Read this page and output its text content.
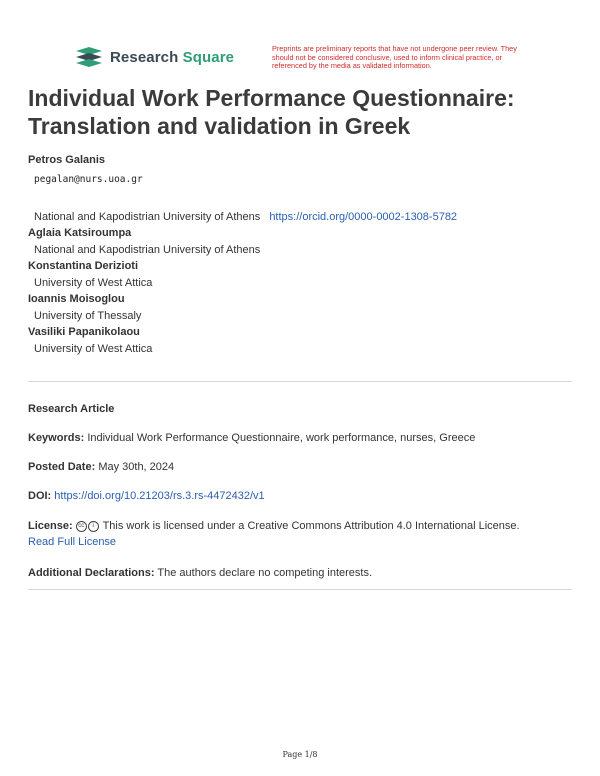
Research Square	Preprints are preliminary reports that have not undergone peer review. They should not be considered conclusive, used to inform clinical practice, or referenced by the media as validated information.
Individual Work Performance Questionnaire: Translation and validation in Greek
Petros Galanis
pegalan@nurs.uoa.gr
National and Kapodistrian University of Athens https://orcid.org/0000-0002-1308-5782
Aglaia Katsiroumpa
National and Kapodistrian University of Athens
Konstantina Derizioti
University of West Attica
Ioannis Moisoglou
University of Thessaly
Vasiliki Papanikolaou
University of West Attica
Research Article
Keywords: Individual Work Performance Questionnaire, work performance, nurses, Greece
Posted Date: May 30th, 2024
DOI: https://doi.org/10.21203/rs.3.rs-4472432/v1
License: cc i This work is licensed under a Creative Commons Attribution 4.0 International License.
Read Full License
Additional Declarations: The authors declare no competing interests.
Page 1/8
